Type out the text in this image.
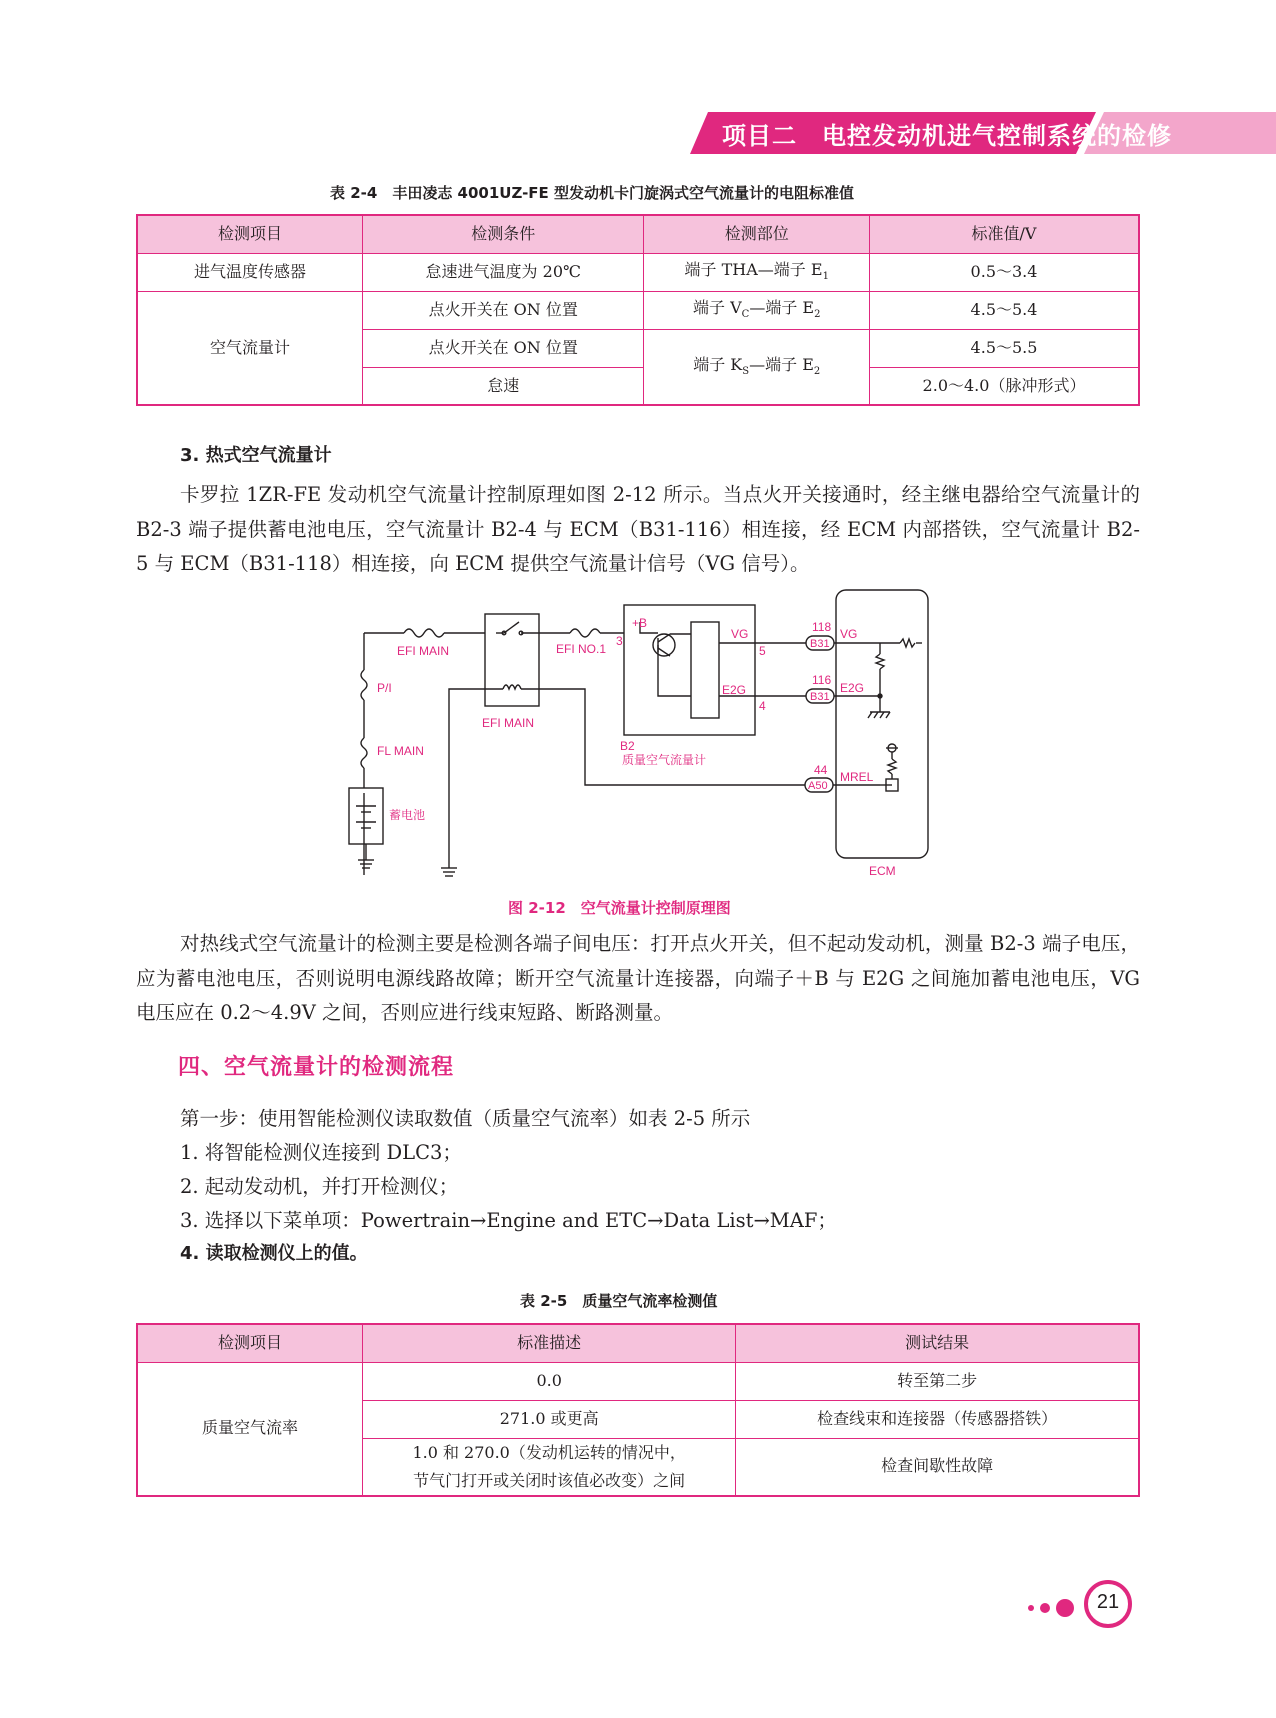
项目二　电控发动机进气控制系统的检修
表 2-4　丰田凌志 4001UZ-FE 型发动机卡门旋涡式空气流量计的电阻标准值
检测项目	检测条件	检测部位	标准值/V
进气温度传感器	怠速进气温度为 20℃	端子 THA—端子 $E_1$	0.5～3.4
空气流量计	点火开关在 ON 位置	端子 $V_C—$端子 $E_2$	4.5～5.4
	点火开关在 ON 位置	端子 $K_S—$端子 $E_2$	4.5～5.5
	怠速		2.0～4.0（脉冲形式）
3. 热式空气流量计
卡罗拉 1ZR-FE 发动机空气流量计控制原理如图 2-12 所示。当点火开关接通时，经主继电器给空气流量计的 B2-3 端子提供蓄电池电压，空气流量计 B2-4 与 ECM（B31-116）相连接，经 ECM 内部搭铁，空气流量计 B2-5 与 ECM（B31-118）相连接，向 ECM 提供空气流量计信号（VG 信号）。
EFI MAIN	EFI NO.1
EFI MAIN
P/I
FL MAIN
蓄电池
+B
3
5
4
VG
E2G
B2
质量空气流量计
118
116
44
B31
B31
A50
VG
E2G
MREL
ECM
图 2-12　空气流量计控制原理图
对热线式空气流量计的检测主要是检测各端子间电压：打开点火开关，但不起动发动机，测量 B2-3 端子电压，应为蓄电池电压，否则说明电源线路故障；断开空气流量计连接器，向端子＋B 与 E2G 之间施加蓄电池电压，VG 电压应在 0.2～4.9V 之间，否则应进行线束短路、断路测量。
四、空气流量计的检测流程
第一步：使用智能检测仪读取数值（质量空气流率）如表 2-5 所示
1. 将智能检测仪连接到 DLC3；
2. 起动发动机，并打开检测仪；
3. 选择以下菜单项：Powertrain→Engine and ETC→Data List→MAF；
4. 读取检测仪上的值。
表 2-5　质量空气流率检测值
检测项目	标准描述	测试结果
质量空气流率	0.0	转至第二步
	271.0 或更高	检查线束和连接器（传感器搭铁）

	1.0 和 270.0（发动机运转的情况中，
节气门打开或关闭时该值必改变）之间	检查间歇性故障
21
